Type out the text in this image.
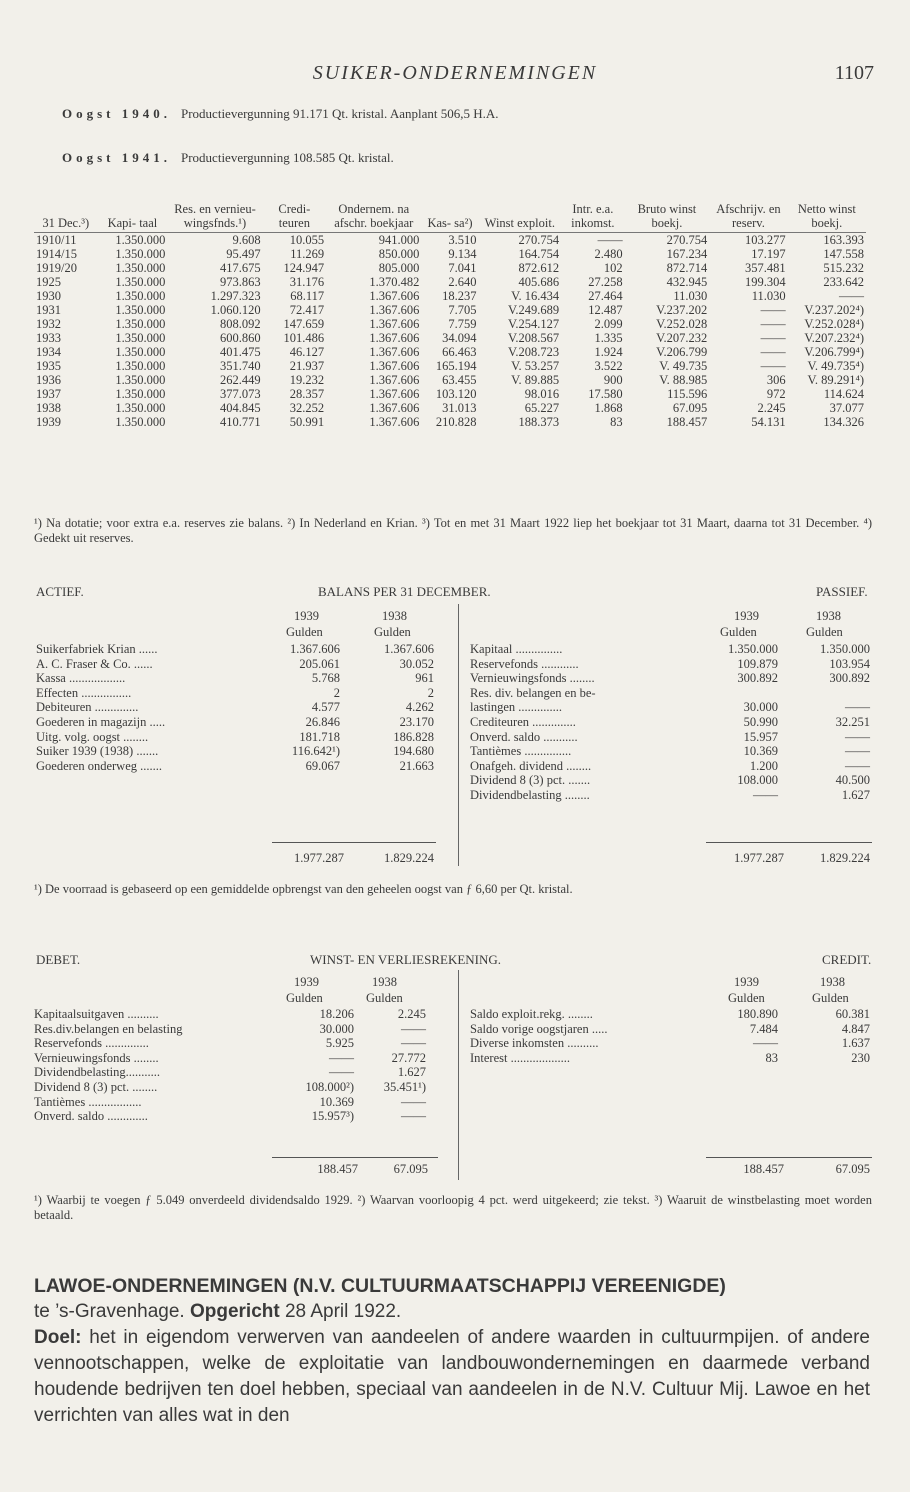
SUIKER-ONDERNEMINGEN	1107
Oogst 1940. Productievergunning 91.171 Qt. kristal. Aanplant 506,5 H.A.
Oogst 1941. Productievergunning 108.585 Qt. kristal.
31 Dec.³)	Kapi- taal	Res. en vernieu- wingsfnds.¹)	Credi- teuren	Ondernem. na afschr. boekjaar	Kas- sa²)	Winst exploit.	Intr. e.a. inkomst.	Bruto winst boekj.	Afschrijv. en reserv.	Netto winst boekj.
1910/11	1.350.000	9.608	10.055	941.000	3.510	270.754	——	270.754	103.277	163.393
1914/15	1.350.000	95.497	11.269	850.000	9.134	164.754	2.480	167.234	17.197	147.558
1919/20	1.350.000	417.675	124.947	805.000	7.041	872.612	102	872.714	357.481	515.232
1925	1.350.000	973.863	31.176	1.370.482	2.640	405.686	27.258	432.945	199.304	233.642
1930	1.350.000	1.297.323	68.117	1.367.606	18.237	V. 16.434	27.464	11.030	11.030	——
1931	1.350.000	1.060.120	72.417	1.367.606	7.705	V.249.689	12.487	V.237.202	——	V.237.202⁴)
1932	1.350.000	808.092	147.659	1.367.606	7.759	V.254.127	2.099	V.252.028	——	V.252.028⁴)
1933	1.350.000	600.860	101.486	1.367.606	34.094	V.208.567	1.335	V.207.232	——	V.207.232⁴)
1934	1.350.000	401.475	46.127	1.367.606	66.463	V.208.723	1.924	V.206.799	——	V.206.799⁴)
1935	1.350.000	351.740	21.937	1.367.606	165.194	V. 53.257	3.522	V. 49.735	——	V. 49.735⁴)
1936	1.350.000	262.449	19.232	1.367.606	63.455	V. 89.885	900	V. 88.985	306	V. 89.291⁴)
1937	1.350.000	377.073	28.357	1.367.606	103.120	98.016	17.580	115.596	972	114.624
1938	1.350.000	404.845	32.252	1.367.606	31.013	65.227	1.868	67.095	2.245	37.077
1939	1.350.000	410.771	50.991	1.367.606	210.828	188.373	83	188.457	54.131	134.326
¹) Na dotatie; voor extra e.a. reserves zie balans. ²) In Nederland en Krian. ³) Tot en met 31 Maart 1922 liep het boekjaar tot 31 Maart, daarna tot 31 December. ⁴) Gedekt uit reserves.
ACTIEF.	BALANS PER 31 DECEMBER.	PASSIEF.
1939	1938
Gulden	Gulden
1939	1938
Gulden	Gulden
Suikerfabriek Krian ......	1.367.606	1.367.606
A. C. Fraser & Co. ......	205.061	30.052
Kassa ..................	5.768	961
Effecten ................	2	2
Debiteuren ..............	4.577	4.262
Goederen in magazijn .....	26.846	23.170
Uitg. volg. oogst ........	181.718	186.828
Suiker 1939 (1938) .......	116.642¹)	194.680
Goederen onderweg .......	69.067	21.663
Kapitaal ...............	1.350.000	1.350.000
Reservefonds ............	109.879	103.954
Vernieuwingsfonds ........	300.892	300.892
Res. div. belangen en be-
lastingen ..............	30.000	——
Crediteuren ..............	50.990	32.251
Onverd. saldo ...........	15.957	——
Tantièmes ...............	10.369	——
Onafgeh. dividend ........	1.200	——
Dividend 8 (3) pct. .......	108.000	40.500
Dividendbelasting ........	——	1.627
1.977.287	1.829.224	1.977.287	1.829.224
¹) De voorraad is gebaseerd op een gemiddelde opbrengst van den geheelen oogst van ƒ 6,60 per Qt. kristal.
DEBET.	WINST- EN VERLIESREKENING.	CREDIT.
1939	1938
Gulden	Gulden
1939	1938
Gulden	Gulden
Kapitaalsuitgaven ..........	18.206	2.245
Res.div.belangen en belasting	30.000	——
Reservefonds ..............	5.925	——
Vernieuwingsfonds ........	——	27.772
Dividendbelasting...........	——	1.627
Dividend 8 (3) pct. ........	108.000²) 35.451¹)
Tantièmes .................	10.369	——
Onverd. saldo .............	15.957³)	——
Saldo exploit.rekg. ........	180.890	60.381
Saldo vorige oogstjaren .....	7.484	4.847
Diverse inkomsten ..........	——	1.637
Interest ...................	83	230
188.457	67.095	188.457	67.095
¹) Waarbij te voegen ƒ 5.049 onverdeeld dividendsaldo 1929. ²) Waarvan voorloopig 4 pct. werd uitgekeerd; zie tekst. ³) Waaruit de winstbelasting moet worden betaald.
LAWOE-ONDERNEMINGEN (N.V. CULTUURMAATSCHAPPIJ VEREENIGDE)
te ’s-Gravenhage. Opgericht 28 April 1922.
Doel: het in eigendom verwerven van aandeelen of andere waarden in cultuurmpijen. of andere vennootschappen, welke de exploitatie van landbouwondernemingen en daarmede verband houdende bedrijven ten doel hebben, speciaal van aandeelen in de N.V. Cultuur Mij. Lawoe en het verrichten van alles wat in den
